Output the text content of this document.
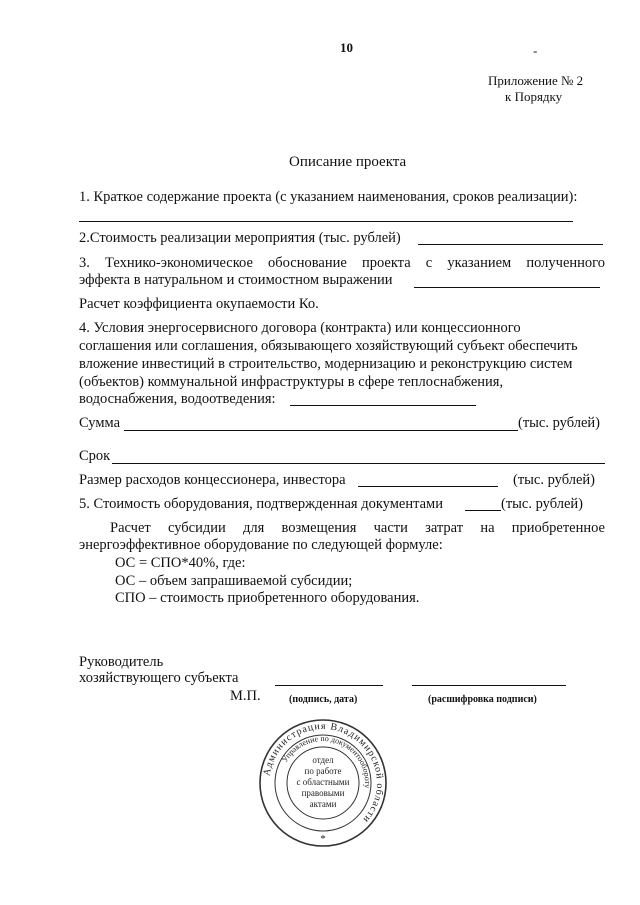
10	-
Приложение № 2
к Порядку
Описание проекта
1. Краткое содержание проекта (с указанием наименования, сроков реализации):
2.Стоимость реализации мероприятия (тыс. рублей)
3. Технико-экономическое обоснование проекта с указанием полученного
эффекта в натуральном и стоимостном выражении
Расчет коэффициента окупаемости Ко.
4. Условия энергосервисного договора (контракта) или концессионного
соглашения или соглашения, обязывающего хозяйствующий субъект обеспечить
вложение инвестиций в строительство, модернизацию и реконструкцию систем
(объектов) коммунальной инфраструктуры в сфере теплоснабжения,
водоснабжения, водоотведения:
Сумма	(тыс. рублей)
Срок
Размер расходов концессионера, инвестора	(тыс. рублей)
5. Стоимость оборудования, подтвержденная документами	(тыс. рублей)
Расчет субсидии для возмещения части затрат на приобретенное
энергоэффективное оборудование по следующей формуле:
ОС = СПО*40%, где:
ОС – объем запрашиваемой субсидии;
СПО – стоимость приобретенного оборудования.
Руководитель
хозяйствующего субъекта
М.П.	(подпись, дата)	(расшифровка подписи)
Администрация Владимирской области
Управление по документообороту
отдел
по работе
с областными
правовыми
актами
*
